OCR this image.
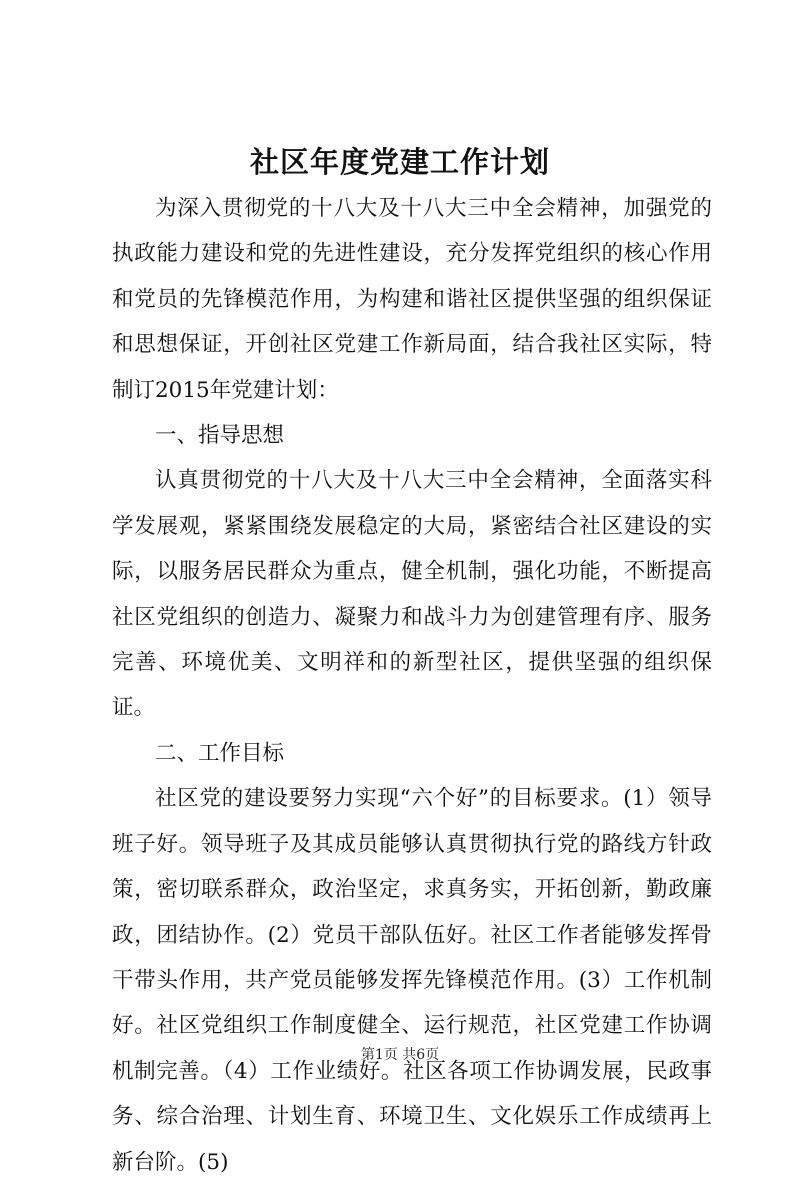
社区年度党建工作计划

为深入贯彻党的十八大及十八大三中全会精神，加强党的执政能力建设和党的先进性建设，充分发挥党组织的核心作用和党员的先锋模范作用，为构建和谐社区提供坚强的组织保证和思想保证，开创社区党建工作新局面，结合我社区实际，特制订2015年党建计划：

一、指导思想

认真贯彻党的十八大及十八大三中全会精神，全面落实科学发展观，紧紧围绕发展稳定的大局，紧密结合社区建设的实际，以服务居民群众为重点，健全机制，强化功能，不断提高社区党组织的创造力、凝聚力和战斗力为创建管理有序、服务完善、环境优美、文明祥和的新型社区，提供坚强的组织保证。

二、工作目标

社区党的建设要努力实现“六个好”的目标要求。(1）领导班子好。领导班子及其成员能够认真贯彻执行党的路线方针政策，密切联系群众，政治坚定，求真务实，开拓创新，勤政廉政，团结协作。(2）党员干部队伍好。社区工作者能够发挥骨干带头作用，共产党员能够发挥先锋模范作用。(3）工作机制好。社区党组织工作制度健全、运行规范，社区党建工作协调机制完善。（4）工作业绩好。社区各项工作协调发展，民政事务、综合治理、计划生育、环境卫生、文化娱乐工作成绩再上新台阶。(5)

第1页 共6页
